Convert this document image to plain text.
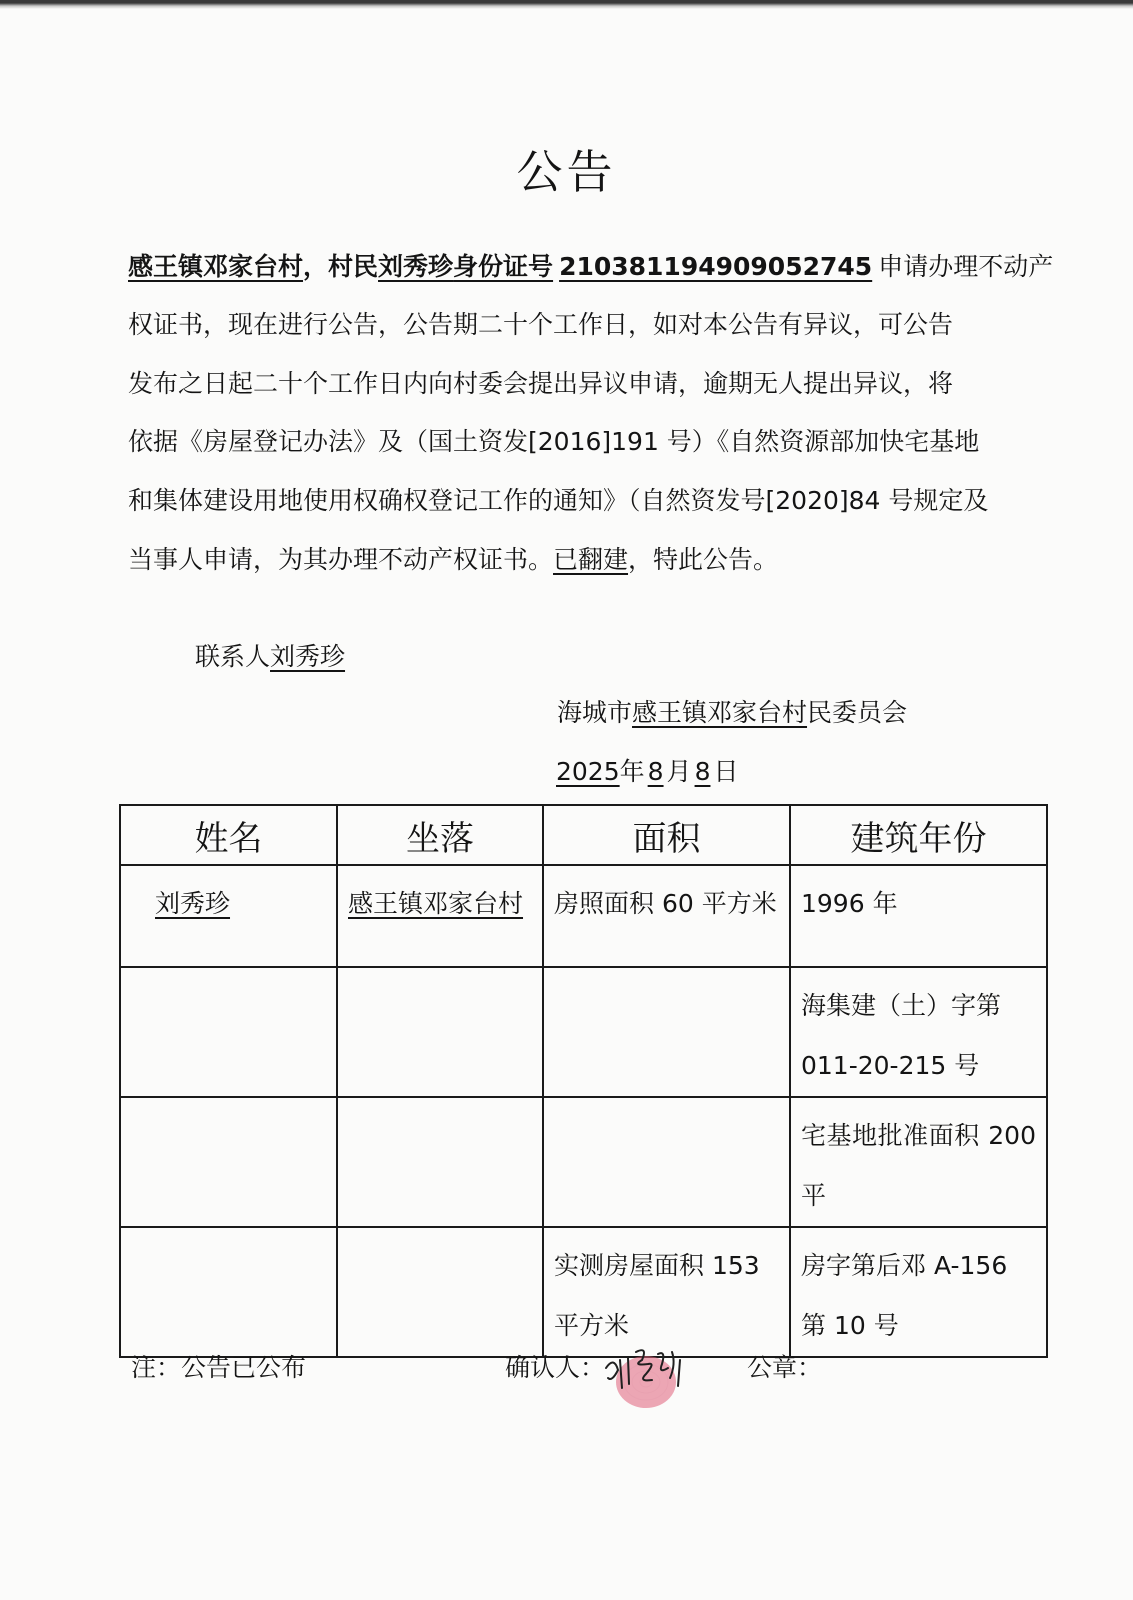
公告
感王镇邓家台村，村民刘秀珍身份证号 210381194909052745 申请办理不动产
权证书，现在进行公告，公告期二十个工作日，如对本公告有异议，可公告
发布之日起二十个工作日内向村委会提出异议申请，逾期无人提出异议，将
依据《房屋登记办法》及（国土资发[2016]191 号）《自然资源部加快宅基地
和集体建设用地使用权确权登记工作的通知》（自然资发号[2020]84 号规定及
当事人申请，为其办理不动产权证书。已翻建，特此公告。
联系人刘秀珍
海城市感王镇邓家台村民委员会
2025年 8 月 8 日
姓名	坐落	面积	建筑年份

刘秀珍	感王镇邓家台村	房照面积 60 平方米	1996 年

			海集建（土）字第 011-20-215 号

			宅基地批准面积 200 平

		实测房屋面积 153 平方米	房字第后邓 A-156 第 10 号
注：公告已公布	确认人：	公章：
